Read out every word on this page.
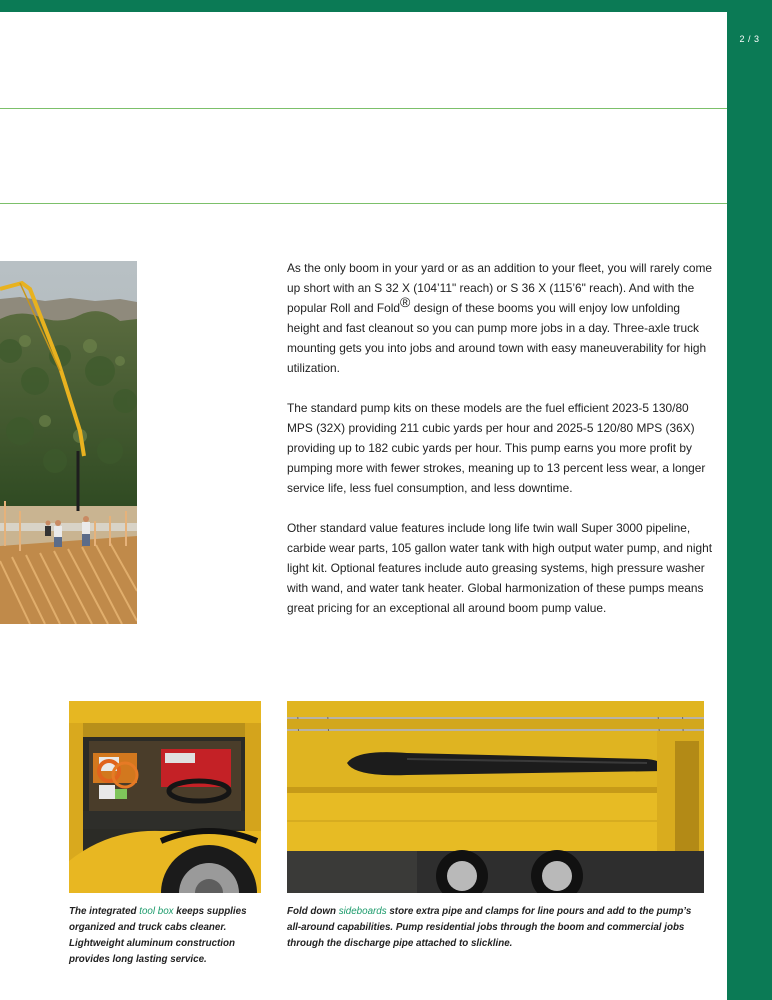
2 / 3

As the only boom in your yard or as an addition to your fleet, you will rarely come up short with an S 32 X (104’11" reach) or S 36 X (115’6" reach). And with the popular Roll and Fold® design of these booms you will enjoy low unfolding height and fast cleanout so you can pump more jobs in a day. Three-axle truck mounting gets you into jobs and around town with easy maneuverability for high utilization.

The standard pump kits on these models are the fuel efficient 2023-5 130/80 MPS (32X) providing 211 cubic yards per hour and 2025-5 120/80 MPS (36X) providing up to 182 cubic yards per hour. This pump earns you more profit by pumping more with fewer strokes, meaning up to 13 percent less wear, a longer service life, less fuel consumption, and less downtime.

Other standard value features include long life twin wall Super 3000 pipeline, carbide wear parts, 105 gallon water tank with high output water pump, and night light kit. Optional features include auto greasing systems, high pressure washer with wand, and water tank heater. Global harmonization of these pumps means great pricing for an exceptional all around boom pump value.

The integrated tool box keeps supplies organized and truck cabs cleaner. Lightweight aluminum construction provides long lasting service.
Fold down sideboards store extra pipe and clamps for line pours and add to the pump’s all-around capabilities. Pump residential jobs through the boom and commercial jobs through the discharge pipe attached to slickline.
